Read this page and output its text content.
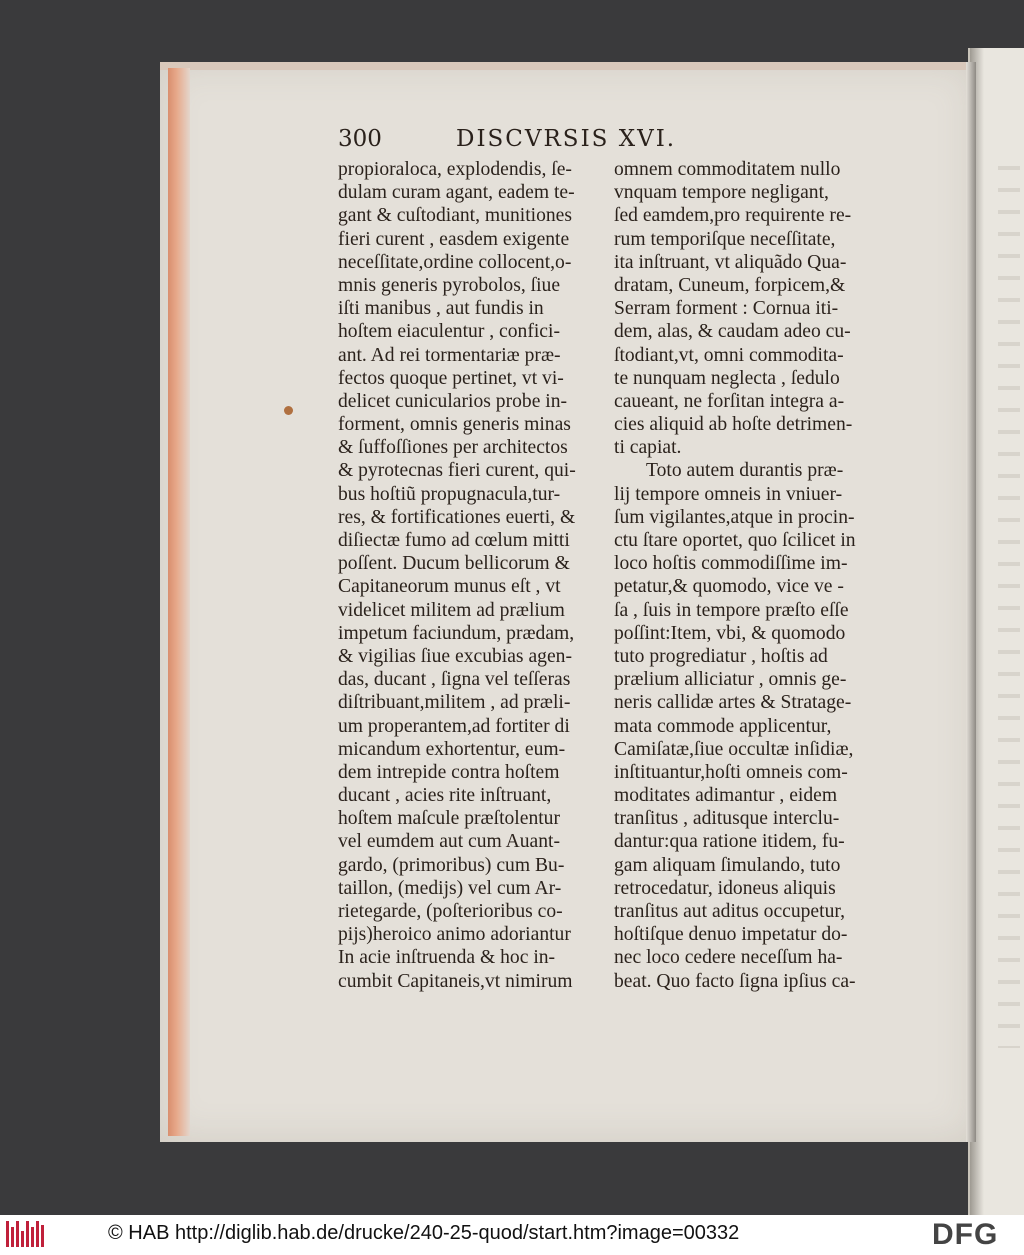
300	DISCVRSIS XVI.
propioraloca, explodendis, ſe-
dulam curam agant, eadem te-
gant & cuſtodiant, munitiones
fieri curent , easdem exigente
neceſſitate,ordine collocent,o-
mnis generis pyrobolos, ſiue
iſti manibus , aut fundis in
hoſtem eiaculentur , confici-
ant. Ad rei tormentariæ præ-
fectos quoque pertinet, vt vi-
delicet cunicularios probe in-
forment, omnis generis minas
& ſuffoſſiones per architectos
& pyrotecnas fieri curent, qui-
bus hoſtiũ propugnacula,tur-
res, & fortificationes euerti, &
diſiectæ fumo ad cœlum mitti
poſſent. Ducum bellicorum &
Capitaneorum munus eſt , vt
videlicet militem ad prælium
impetum faciundum, prædam,
& vigilias ſiue excubias agen-
das, ducant , ſigna vel teſſeras
diſtribuant,militem , ad præli-
um properantem,ad fortiter di
micandum exhortentur, eum-
dem intrepide contra hoſtem
ducant , acies rite inſtruant,
hoſtem maſcule præſtolentur
vel eumdem aut cum Auant-
gardo, (primoribus) cum Bu-
taillon, (medijs) vel cum Ar-
rietegarde, (poſterioribus co-
pijs)heroico animo adoriantur
In acie inſtruenda & hoc in-
cumbit Capitaneis,vt nimirum
omnem commoditatem nullo
vnquam tempore negligant,
ſed eamdem,pro requirente re-
rum temporiſque neceſſitate,
ita inſtruant, vt aliquãdo Qua-
dratam, Cuneum, forpicem,&
Serram forment : Cornua iti-
dem, alas, & caudam adeo cu-
ſtodiant,vt, omni commodita-
te nunquam neglecta , ſedulo
caueant, ne forſitan integra a-
cies aliquid ab hoſte detrimen-
ti capiat.
Toto autem durantis præ-
lij tempore omneis in vniuer-
ſum vigilantes,atque in procin-
ctu ſtare oportet, quo ſcilicet in
loco hoſtis commodiſſime im-
petatur,& quomodo, vice ve -
ſa , ſuis in tempore præſto eſſe
poſſint:Item, vbi, & quomodo
tuto progrediatur , hoſtis ad
prælium alliciatur , omnis ge-
neris callidæ artes & Stratage-
mata commode applicentur,
Camiſatæ,ſiue occultæ inſidiæ,
inſtituantur,hoſti omneis com-
moditates adimantur , eidem
tranſitus , aditusque interclu-
dantur:qua ratione itidem, fu-
gam aliquam ſimulando, tuto
retrocedatur, idoneus aliquis
tranſitus aut aditus occupetur,
hoſtiſque denuo impetatur do-
nec loco cedere neceſſum ha-
beat. Quo facto ſigna ipſius ca-
© HAB http://diglib.hab.de/drucke/240-25-quod/start.htm?image=00332	DFG
